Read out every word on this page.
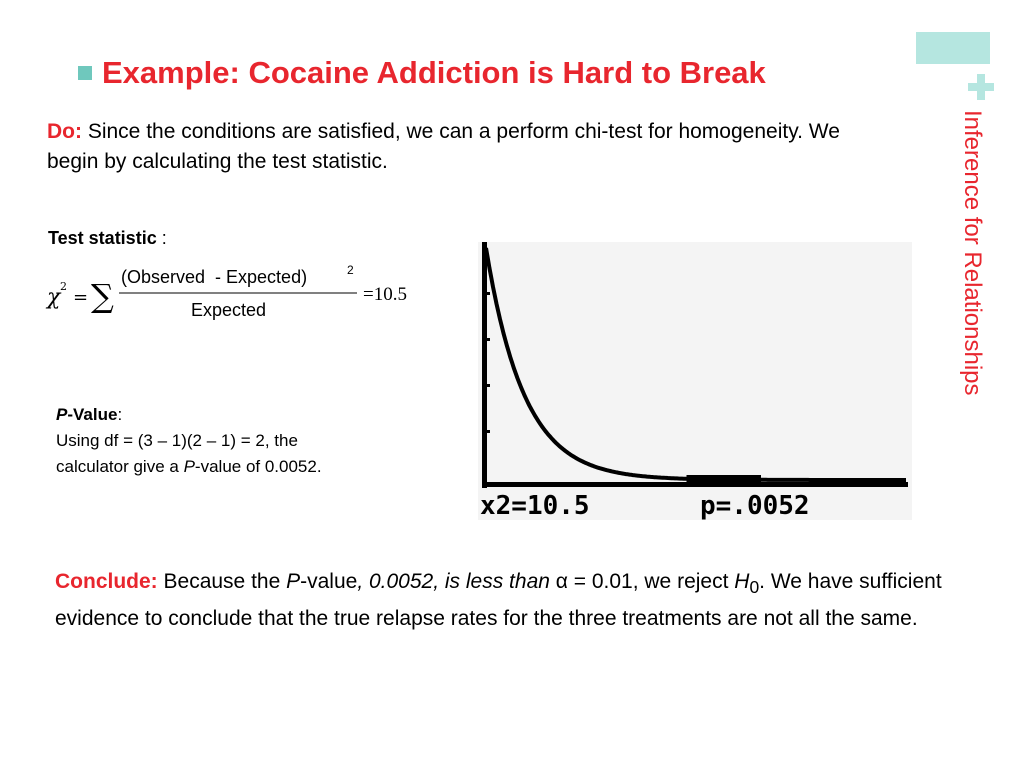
Inference for Relationships
Example: Cocaine Addiction is Hard to Break
Do: Since the conditions are satisfied, we can a perform chi-test for homogeneity. We begin by calculating the test statistic.
Test statistic :
χ 2
= ∑ (Observed  - Expected)	2
Expected
=10.5
P-Value:
Using df = (3 – 1)(2 – 1) = 2, the
calculator give a P-value of 0.0052.
x2=10.5	p=.0052
Conclude: Because the P-value, 0.0052, is less than α = 0.01, we reject $H_0$. We have sufficient evidence to conclude that the true relapse rates for the three treatments are not all the same.
